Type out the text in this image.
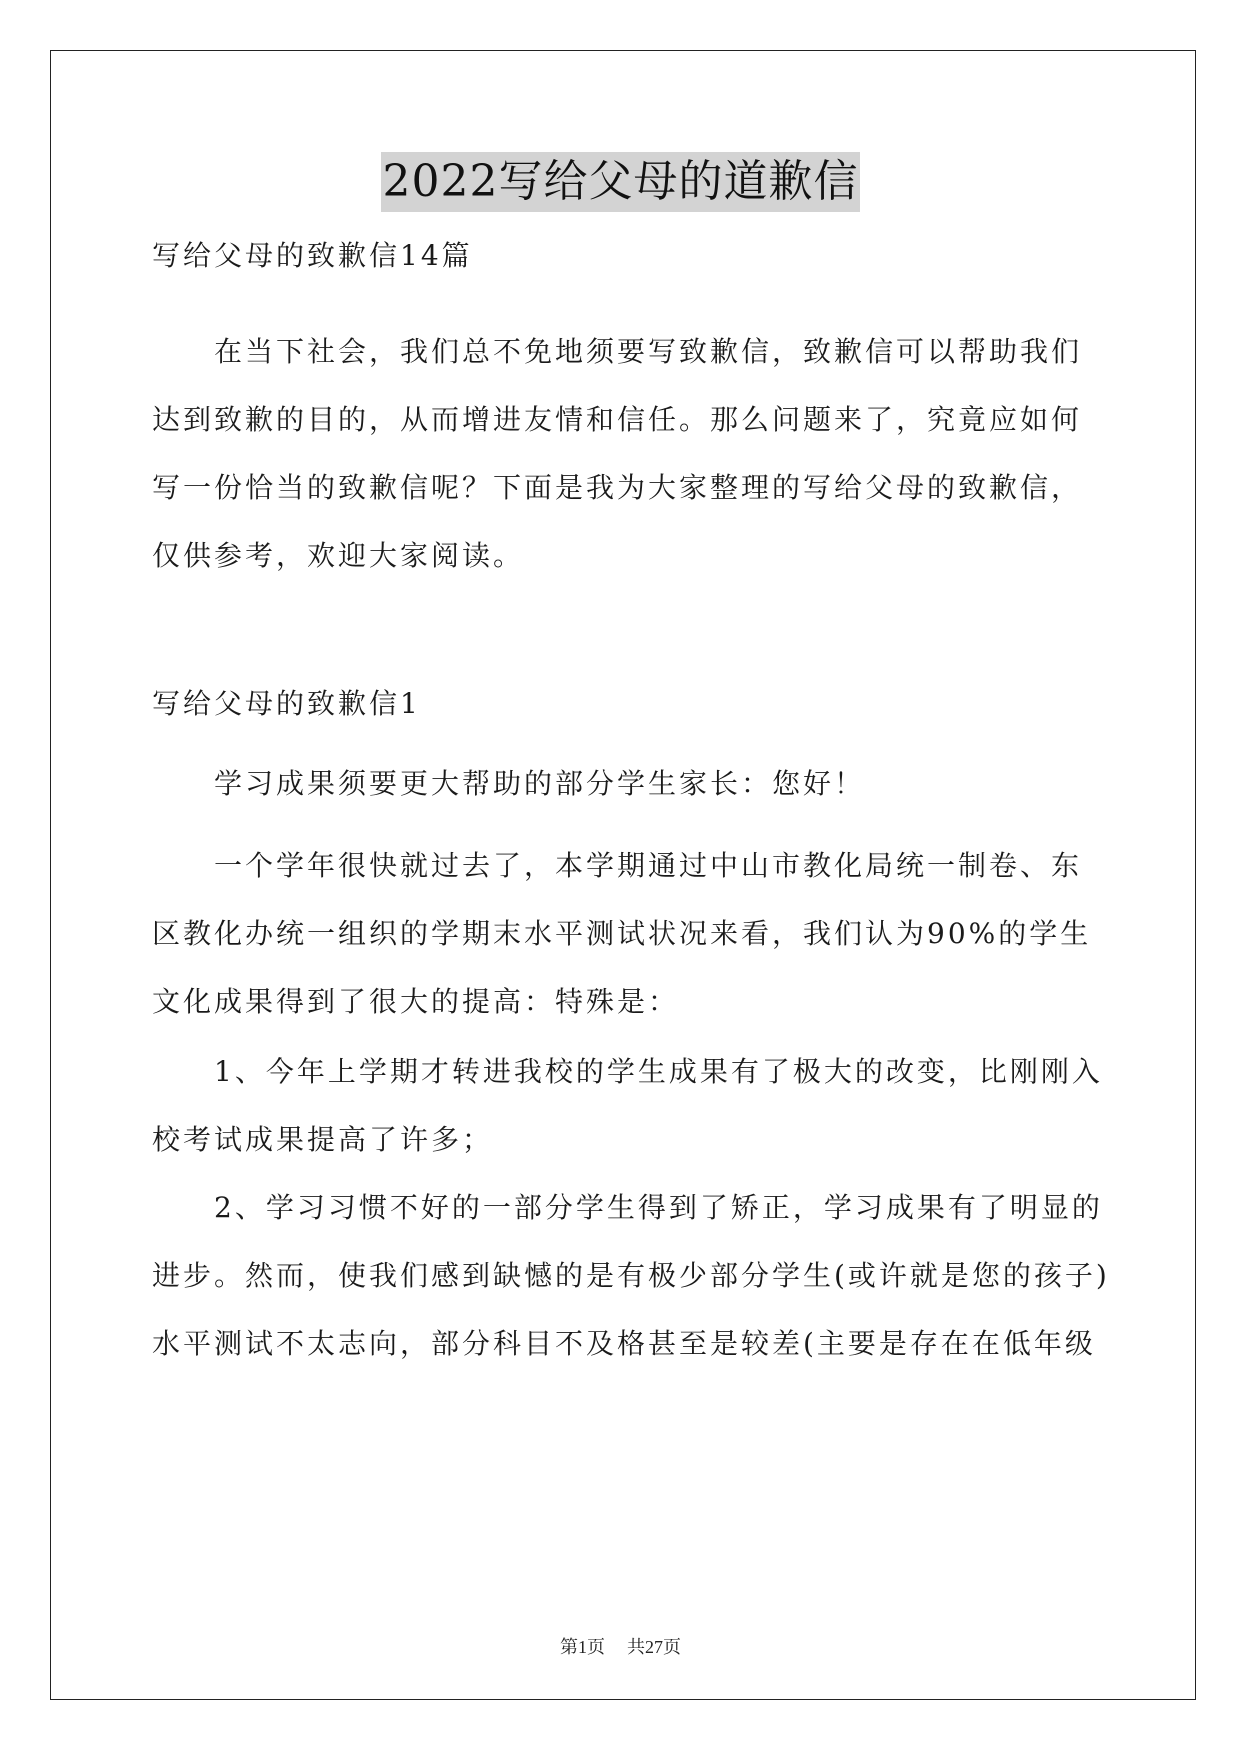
2022写给父母的道歉信

写给父母的致歉信14篇

在当下社会，我们总不免地须要写致歉信，致歉信可以帮助我们
达到致歉的目的，从而增进友情和信任。那么问题来了，究竟应如何
写一份恰当的致歉信呢？下面是我为大家整理的写给父母的致歉信，
仅供参考，欢迎大家阅读。

写给父母的致歉信1

学习成果须要更大帮助的部分学生家长：您好！

一个学年很快就过去了，本学期通过中山市教化局统一制卷、东
区教化办统一组织的学期末水平测试状况来看，我们认为90%的学生
文化成果得到了很大的提高：特殊是：
1、今年上学期才转进我校的学生成果有了极大的改变，比刚刚入
校考试成果提高了许多；
2、学习习惯不好的一部分学生得到了矫正，学习成果有了明显的
进步。然而，使我们感到缺憾的是有极少部分学生(或许就是您的孩子)
水平测试不太志向，部分科目不及格甚至是较差(主要是存在在低年级
第1页 共27页
